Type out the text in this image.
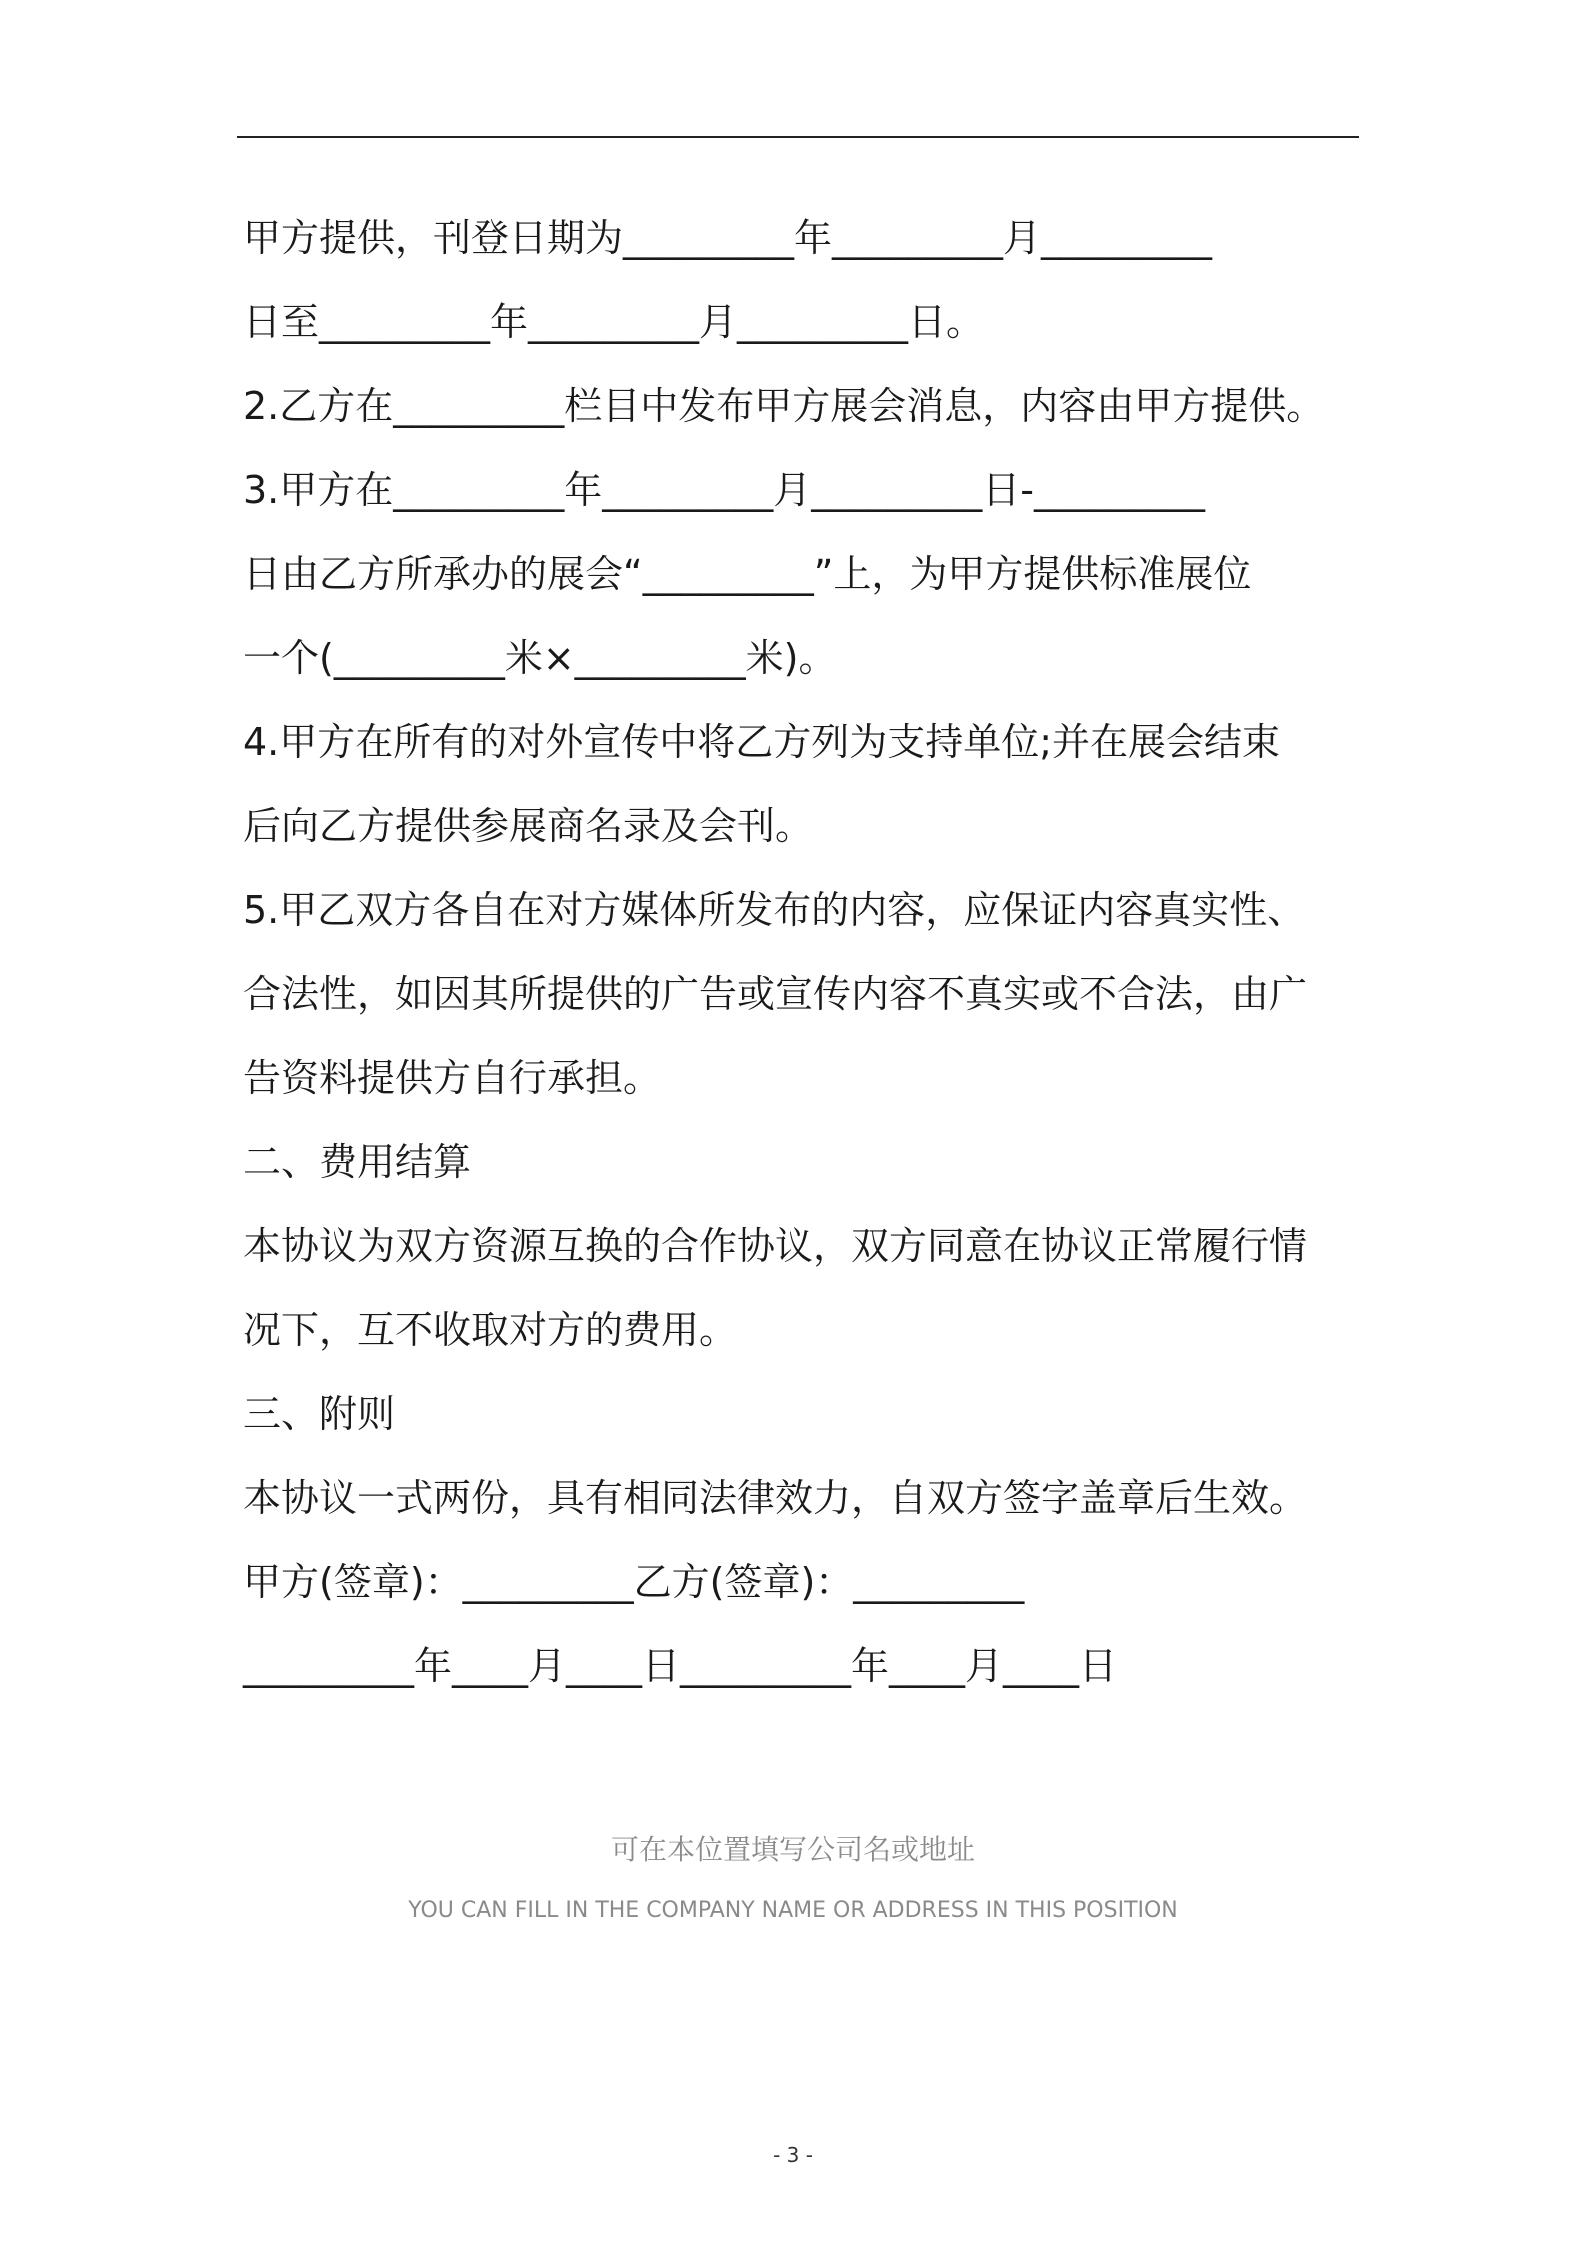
甲方提供，刊登日期为_________年_________月_________
日至_________年_________月_________日。
2.乙方在_________栏目中发布甲方展会消息，内容由甲方提供。
3.甲方在_________年_________月_________日-_________
日由乙方所承办的展会“_________”上，为甲方提供标准展位
一个(_________米×_________米)。
4.甲方在所有的对外宣传中将乙方列为支持单位;并在展会结束
后向乙方提供参展商名录及会刊。
5.甲乙双方各自在对方媒体所发布的内容，应保证内容真实性、
合法性，如因其所提供的广告或宣传内容不真实或不合法，由广
告资料提供方自行承担。
二、费用结算
本协议为双方资源互换的合作协议，双方同意在协议正常履行情
况下，互不收取对方的费用。
三、附则
本协议一式两份，具有相同法律效力，自双方签字盖章后生效。
甲方(签章)：_________乙方(签章)：_________
_________年____月____日_________年____月____日
可在本位置填写公司名或地址
YOU CAN FILL IN THE COMPANY NAME OR ADDRESS IN THIS POSITION
- 3 -
